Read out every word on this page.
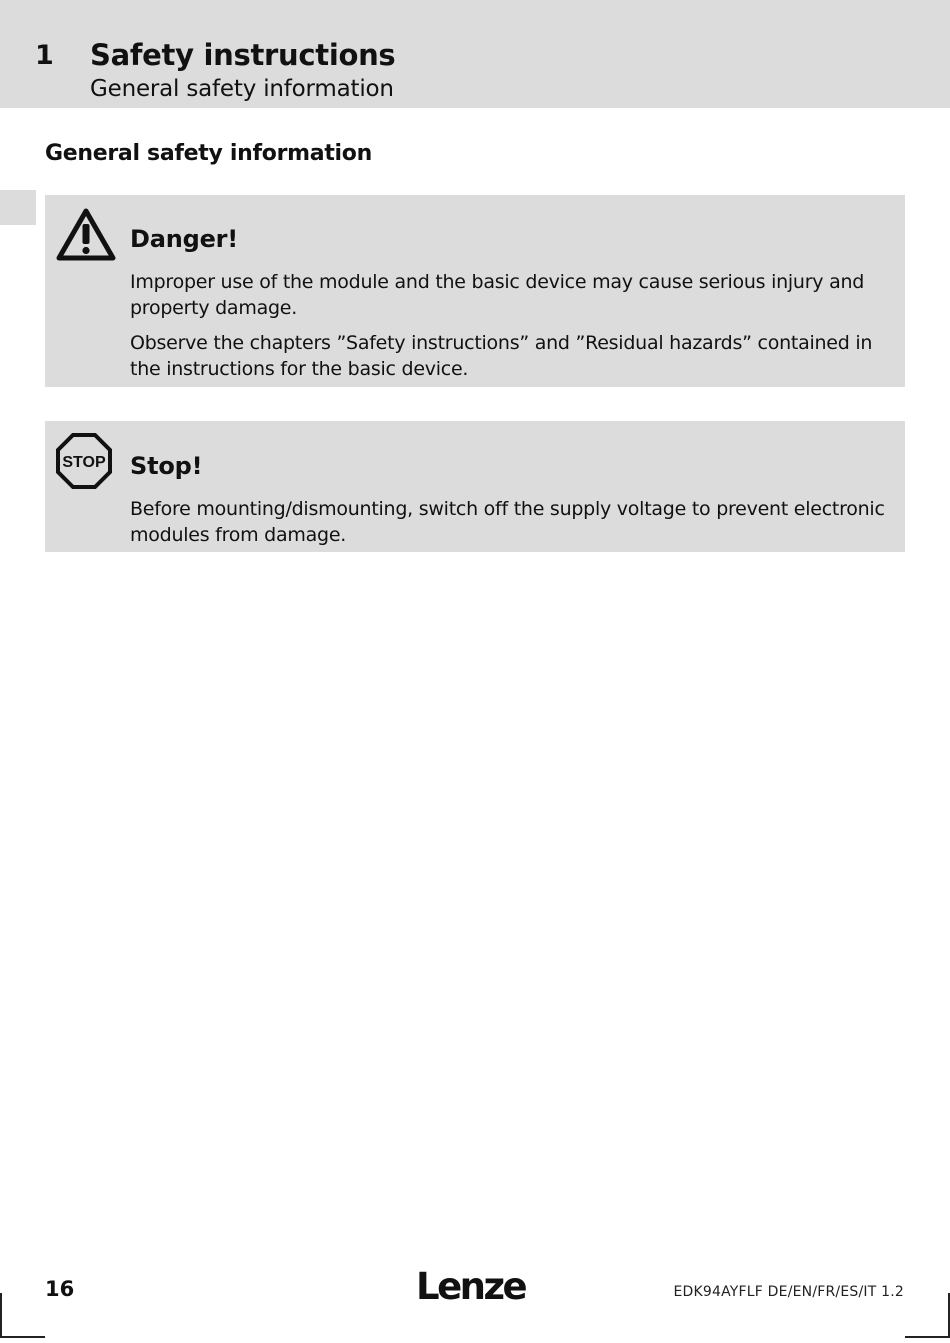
1 Safety instructions
General safety information
General safety information
Danger!
Improper use of the module and the basic device may cause serious injury and property damage.
Observe the chapters ”Safety instructions” and ”Residual hazards” contained in the instructions for the basic device.
STOP Stop!
Before mounting/dismounting, switch off the supply voltage to prevent electronic modules from damage.
16	Lenze	EDK94AYFLF DE/EN/FR/ES/IT 1.2
